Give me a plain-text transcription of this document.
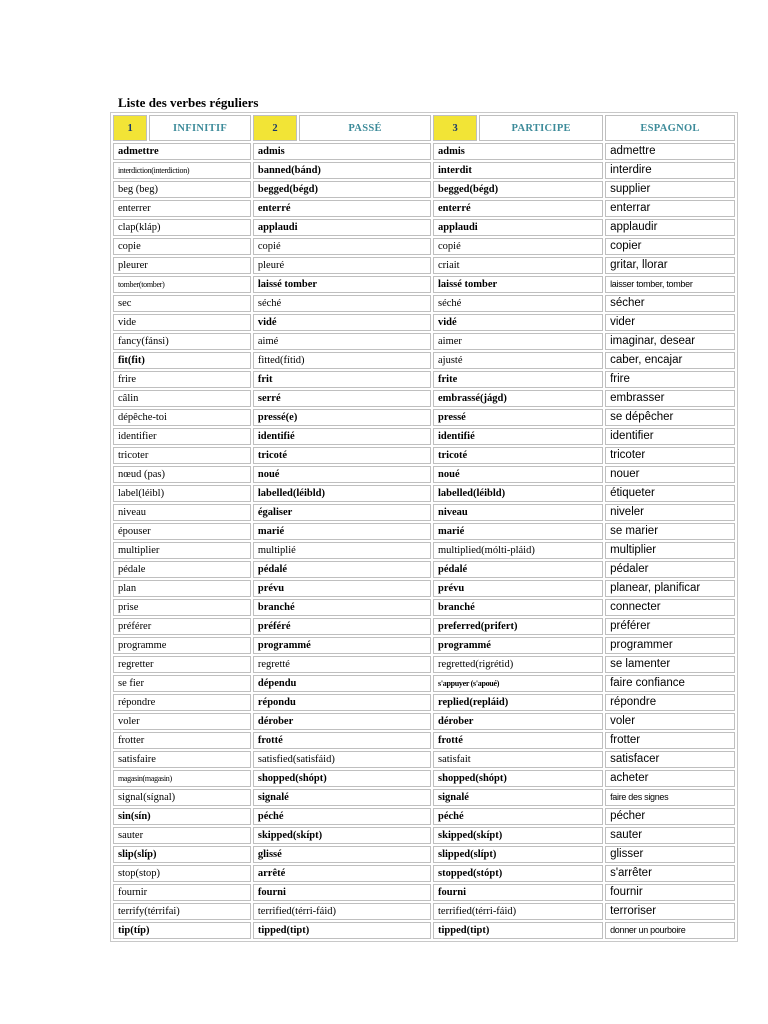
Liste des verbes réguliers
1	INFINITIF	2	PASSÉ	3	PARTICIPE	ESPAGNOL
admettre		admis		admis		admettre
interdiction(interdiction)		banned(bánd)		interdit		interdire
beg (beg)		begged(bégd)		begged(bégd)		supplier
enterrer		enterré		enterré		enterrar
clap(kláp)		applaudi		applaudi		applaudir
copie		copié		copié		copier
pleurer		pleuré		criait		gritar, llorar
tomber(tomber)		laissé tomber		laissé tomber		laisser tomber, tomber
sec		séché		séché		sécher
vide		vidé		vidé		vider
fancy(fánsi)		aimé		aimer		imaginar, desear
fit(fit)		fitted(fítid)		ajusté		caber, encajar
frire		frit		frite		frire
câlin		serré		embrassé(jágd)		embrasser
dépêche-toi		pressé(e)		pressé		se dépêcher
identifier		identifié		identifié		identifier
tricoter		tricoté		tricoté		tricoter
nœud (pas)		noué		noué		nouer
label(léibl)		labelled(léibld)		labelled(léibld)		étiqueter
niveau		égaliser		niveau		niveler
épouser		marié		marié		se marier
multiplier		multiplié		multiplied(mólti-pláid)		multiplier
pédale		pédalé		pédalé		pédaler
plan		prévu		prévu		planear, planificar
prise		branché		branché		connecter
préférer		préféré		preferred(prifert)		préférer
programme		programmé		programmé		programmer
regretter		regretté		regretted(rigrétid)		se lamenter
se fier		dépendu		s'appuyer (s'apoué)		faire confiance
répondre		répondu		replied(repláid)		répondre
voler		dérober		dérober		voler
frotter		frotté		frotté		frotter
satisfaire		satisfied(satisfáid)		satisfait		satisfacer
magasin(magasin)		shopped(shópt)		shopped(shópt)		acheter
signal(sígnal)		signalé		signalé		faire des signes
sin(sín)		péché		péché		pécher
sauter		skipped(skípt)		skipped(skípt)		sauter
slip(slíp)		glissé		slipped(slípt)		glisser
stop(stop)		arrêté		stopped(stópt)		s'arrêter
fournir		fourni		fourni		fournir
terrify(térrifai)		terrified(térri-fáid)		terrified(térri-fáid)		terroriser
tip(típ)		tipped(tipt)		tipped(tipt)		donner un pourboire
